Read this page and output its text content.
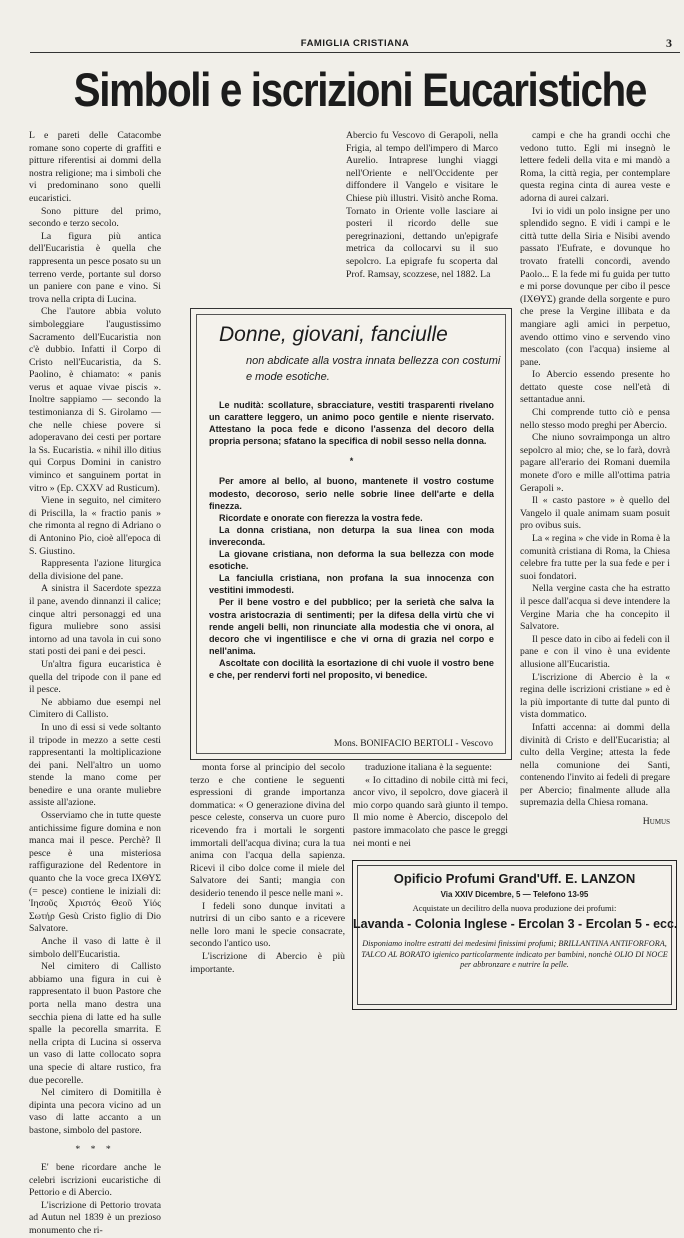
FAMIGLIA CRISTIANA	3
Simboli e iscrizioni Eucaristiche

L e pareti delle Catacombe romane sono coperte di graffiti e pitture riferentisi ai dommi della nostra religione; ma i simboli che vi predominano sono quelli eucaristici.

Sono pitture del primo, secondo e terzo secolo.

La figura più antica dell'Eucaristia è quella che rappresenta un pesce posato su un terreno verde, portante sul dorso un paniere con pane e vino. Si trova nella cripta di Lucina.

Che l'autore abbia voluto simboleggiare l'augustissimo Sacramento dell'Eucaristia non c'è dubbio. Infatti il Corpo di Cristo nell'Eucaristia, da S. Paolino, è chiamato: « panis verus et aquae vivae piscis ». Inoltre sappiamo — secondo la testimonianza di S. Girolamo — che nelle chiese povere si adoperavano dei cesti per portare la Ss. Eucaristia. « nihil illo ditius qui Corpus Domini in canistro viminco et sanguinem portat in vitro » (Ep. CXXV ad Rusticum).

Viene in seguito, nel cimitero di Priscilla, la « fractio panis » che rimonta al regno di Adriano o di Antonino Pio, cioè all'epoca di S. Giustino.

Rappresenta l'azione liturgica della divisione del pane.

A sinistra il Sacerdote spezza il pane, avendo dinnanzi il calice; cinque altri personaggi ed una figura muliebre sono assisi intorno ad una tavola in cui sono stati posti dei pani e dei pesci.

Un'altra figura eucaristica è quella del tripode con il pane ed il pesce.

Ne abbiamo due esempi nel Cimitero di Callisto.

In uno di essi si vede soltanto il tripode in mezzo a sette cesti rappresentanti la moltiplicazione dei pani. Nell'altro un uomo stende la mano come per benedire e una orante muliebre assiste all'azione.

Osserviamo che in tutte queste antichissime figure domina e non manca mai il pesce. Perchè? Il pesce è una misteriosa raffigurazione del Redentore in quanto che la voce greca ΙΧΘΥΣ (= pesce) contiene le iniziali di: Ἰησοῦς Χριστός Θεοῦ Υἱός Σωτήρ Gesù Cristo figlio di Dio Salvatore.

Anche il vaso di latte è il simbolo dell'Eucaristia.

Nel cimitero di Callisto abbiamo una figura in cui è rappresentato il buon Pastore che porta nella mano destra una secchia piena di latte ed ha sulle spalle la pecorella smarrita. E nella cripta di Lucina si osserva un vaso di latte collocato sopra una specie di altare rustico, fra due pecorelle.

Nel cimitero di Domitilla è dipinta una pecora vicino ad un vaso di latte accanto a un bastone, simbolo del pastore.

* * *

E' bene ricordare anche le celebri iscrizioni eucaristiche di Pettorio e di Abercio.

L'iscrizione di Pettorio trovata ad Autun nel 1839 è un prezioso monumento che ri-

Abercio fu Vescovo di Gerapoli, nella Frigia, al tempo dell'impero di Marco Aurelio. Intraprese lunghi viaggi nell'Oriente e nell'Occidente per diffondere il Vangelo e visitare le Chiese più illustri. Visitò anche Roma. Tornato in Oriente volle lasciare ai posteri il ricordo delle sue peregrinazioni, dettando un'epigrafe metrica da collocarvi su il suo sepolcro. La epigrafe fu scoperta dal Prof. Ramsay, scozzese, nel 1882. La

campi e che ha grandi occhi che vedono tutto. Egli mi insegnò le lettere fedeli della vita e mi mandò a Roma, la città regia, per contemplare questa regina cinta di aurea veste e adorna di aurei calzari.

Ivi io vidi un polo insigne per uno splendido segno. E vidi i campi e le città tutte della Siria e Nisibi avendo passato l'Eufrate, e dovunque ho trovato fratelli concordi, avendo Paolo... E la fede mi fu guida per tutto e mi porse dovunque per cibo il pesce (ΙΧΘΥΣ) grande della sorgente e puro che prese la Vergine illibata e da mangiare agli amici in perpetuo, avendo ottimo vino e servendo vino mescolato (con l'acqua) insieme al pane.

Io Abercio essendo presente ho dettato queste cose nell'età di settantadue anni.

Chi comprende tutto ciò e pensa nello stesso modo preghi per Abercio.

Che niuno sovraimponga un altro sepolcro al mio; che, se lo farà, dovrà pagare all'erario dei Romani duemila monete d'oro e mille all'ottima patria Gerapoli ».

Il « casto pastore » è quello del Vangelo il quale animam suam posuit pro ovibus suis.

La « regina » che vide in Roma è la comunità cristiana di Roma, la Chiesa celebre fra tutte per la sua fede e per i suoi fondatori.

Nella vergine casta che ha estratto il pesce dall'acqua si deve intendere la Vergine Maria che ha concepito il Salvatore.

Il pesce dato in cibo ai fedeli con il pane e con il vino è una evidente allusione all'Eucaristia.

L'iscrizione di Abercio è la « regina delle iscrizioni cristiane » ed è la più importante di tutte dal punto di vista dommatico.

Infatti accenna: ai dommi della divinità di Cristo e dell'Eucaristia; al culto della Vergine; attesta la fede nella comunione dei Santi, contenendo l'invito ai fedeli di pregare per Abercio; finalmente allude alla supremazia della Chiesa romana.

Humus
Donne, giovani, fanciulle
non abdicate alla vostra innata bellezza con costumi e mode esotiche.

Le nudità: scollature, sbracciature, vestiti trasparenti rivelano un carattere leggero, un animo poco gentile e niente riservato. Attestano la poca fede e dicono l'assenza del decoro della propria persona; sfatano la specifica di nobil sesso nella donna.

*

Per amore al bello, al buono, mantenete il vostro costume modesto, decoroso, serio nelle sobrie linee dell'arte e della finezza.

Ricordate e onorate con fierezza la vostra fede.

La donna cristiana, non deturpa la sua linea con moda invereconda.

La giovane cristiana, non deforma la sua bellezza con mode esotiche.

La fanciulla cristiana, non profana la sua innocenza con vestitini immodesti.

Per il bene vostro e del pubblico; per la serietà che salva la vostra aristocrazia di sentimenti; per la difesa della virtù che vi rende angeli belli, non rinunciate alla modestia che vi onora, al decoro che vi ingentilisce e che vi orna di grazia nel corpo e nell'anima.

Ascoltate con docilità la esortazione di chi vuole il vostro bene e che, per rendervi forti nel proposito, vi benedice.

Mons. BONIFACIO BERTOLI - Vescovo

monta forse al principio del secolo terzo e che contiene le seguenti espressioni di grande importanza dommatica: « O generazione divina del pesce celeste, conserva un cuore puro ricevendo fra i mortali le sorgenti immortali dell'acqua divina; cura la tua anima con l'acqua della sapienza. Ricevi il cibo dolce come il miele del Salvatore dei Santi; mangia con desiderio tenendo il pesce nelle mani ».

I fedeli sono dunque invitati a nutrirsi di un cibo santo e a ricevere nelle loro mani le specie consacrate, secondo l'antico uso.

L'iscrizione di Abercio è più importante.

traduzione italiana è la seguente:

« Io cittadino di nobile città mi feci, ancor vivo, il sepolcro, dove giacerà il mio corpo quando sarà giunto il tempo. Il mio nome è Abercio, discepolo del pastore immacolato che pasce le greggi nei monti e nei

Opificio Profumi Grand'Uff. E. LANZON
Via XXIV Dicembre, 5 — Telefono 13-95
Acquistate un decilitro della nuova produzione dei profumi:
Lavanda - Colonia Inglese - Ercolan 3 - Ercolan 5 - ecc.
Disponiamo inoltre estratti dei medesimi finissimi profumi; BRILLANTINA ANTIFORFORA, TALCO AL BORATO igienico particolarmente indicato per bambini, nonchè OLIO DI NOCE per abbronzare e nutrire la pelle.
